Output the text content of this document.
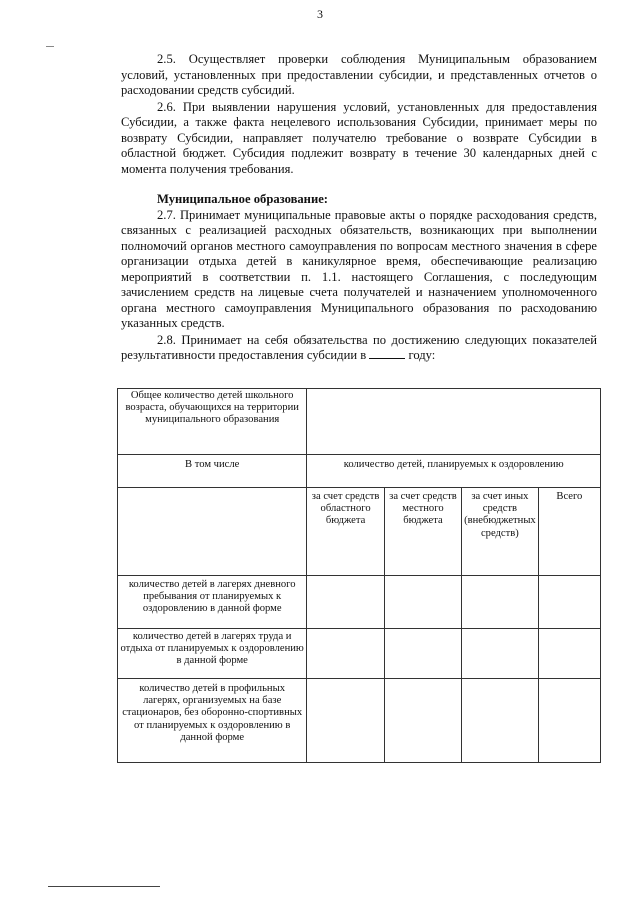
3

2.5. Осуществляет проверки соблюдения Муниципальным образованием условий, установленных при предоставлении субсидии, и представленных отчетов о расходовании средств субсидий.

2.6. При выявлении нарушения условий, установленных для предоставления Субсидии, а также факта нецелевого использования Субсидии, принимает меры по возврату Субсидии, направляет получателю требование о возврате Субсидии в областной бюджет. Субсидия подлежит возврату в течение 30 календарных дней с момента получения требования.

Муниципальное образование:

2.7. Принимает муниципальные правовые акты о порядке расходования средств, связанных с реализацией расходных обязательств, возникающих при выполнении полномочий органов местного самоуправления по вопросам местного значения в сфере организации отдыха детей в каникулярное время, обеспечивающие реализацию мероприятий в соответствии п. 1.1. настоящего Соглашения, с последующим зачислением средств на лицевые счета получателей и назначением уполномоченного органа местного самоуправления Муниципального образования по расходованию указанных средств.

2.8. Принимает на себя обязательства по достижению следующих показателей результативности предоставления субсидии в	году:

Общее количество детей школьного возраста, обучающихся на территории муниципального образования				
В том числе	количество детей, планируемых к оздоровлению			
	за счет средств областного бюджета	за счет средств местного бюджета	за счет иных средств (внебюджетных средств)	Всего
количество детей в лагерях дневного пребывания от планируемых к оздоровлению в данной форме				
количество детей в лагерях труда и отдыха от планируемых к оздоровлению в данной форме				
количество детей в профильных лагерях, организуемых на базе стационаров, без оборонно-спортивных от планируемых к оздоровлению в данной форме				
